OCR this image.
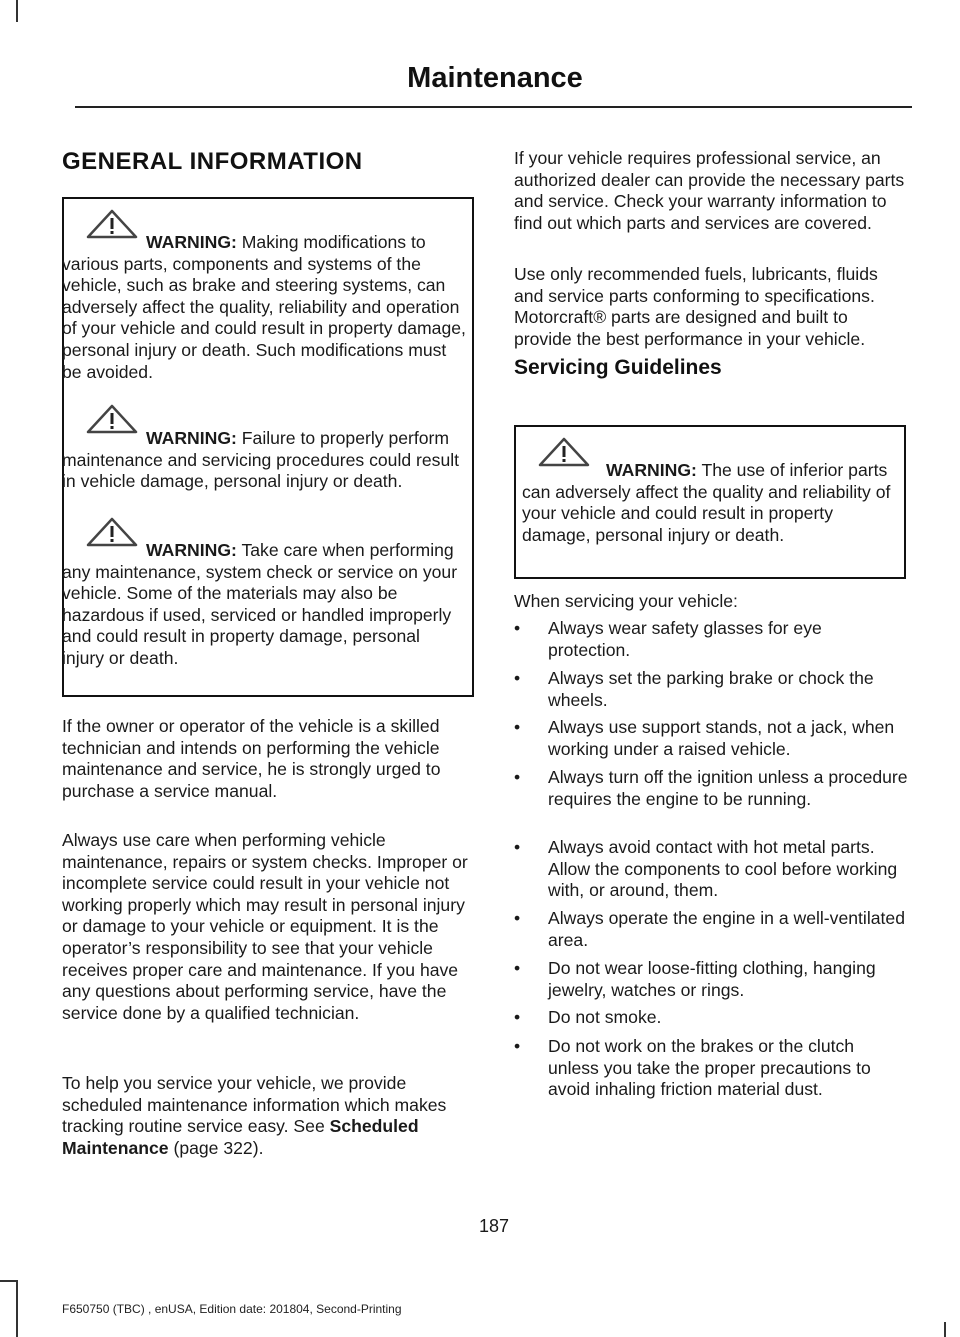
Maintenance
GENERAL INFORMATION

WARNING: Making modifications to various parts, components and systems of the vehicle, such as brake and steering systems, can adversely affect the quality, reliability and operation of your vehicle and could result in property damage, personal injury or death. Such modifications must be avoided.

WARNING: Failure to properly perform maintenance and servicing procedures could result in vehicle damage, personal injury or death.

WARNING: Take care when performing any maintenance, system check or service on your vehicle. Some of the materials may also be hazardous if used, serviced or handled improperly and could result in property damage, personal injury or death.

If the owner or operator of the vehicle is a skilled technician and intends on performing the vehicle maintenance and service, he is strongly urged to purchase a service manual.

Always use care when performing vehicle maintenance, repairs or system checks. Improper or incomplete service could result in your vehicle not working properly which may result in personal injury or damage to your vehicle or equipment. It is the operator’s responsibility to see that your vehicle receives proper care and maintenance. If you have any questions about performing service, have the service done by a qualified technician.

To help you service your vehicle, we provide scheduled maintenance information which makes tracking routine service easy. See Scheduled Maintenance (page 322).

If your vehicle requires professional service, an authorized dealer can provide the necessary parts and service. Check your warranty information to find out which parts and services are covered.

Use only recommended fuels, lubricants, fluids and service parts conforming to specifications. Motorcraft® parts are designed and built to provide the best performance in your vehicle.

Servicing Guidelines

WARNING: The use of inferior parts can adversely affect the quality and reliability of your vehicle and could result in property damage, personal injury or death.

When servicing your vehicle:

• Always wear safety glasses for eye protection.
• Always set the parking brake or chock the wheels.
• Always use support stands, not a jack, when working under a raised vehicle.
• Always turn off the ignition unless a procedure requires the engine to be running.
• Always avoid contact with hot metal parts. Allow the components to cool before working with, or around, them.
• Always operate the engine in a well-ventilated area.
• Do not wear loose-fitting clothing, hanging jewelry, watches or rings.
• Do not smoke.
• Do not work on the brakes or the clutch unless you take the proper precautions to avoid inhaling friction material dust.
187
F650750 (TBC) , enUSA, Edition date: 201804, Second-Printing
